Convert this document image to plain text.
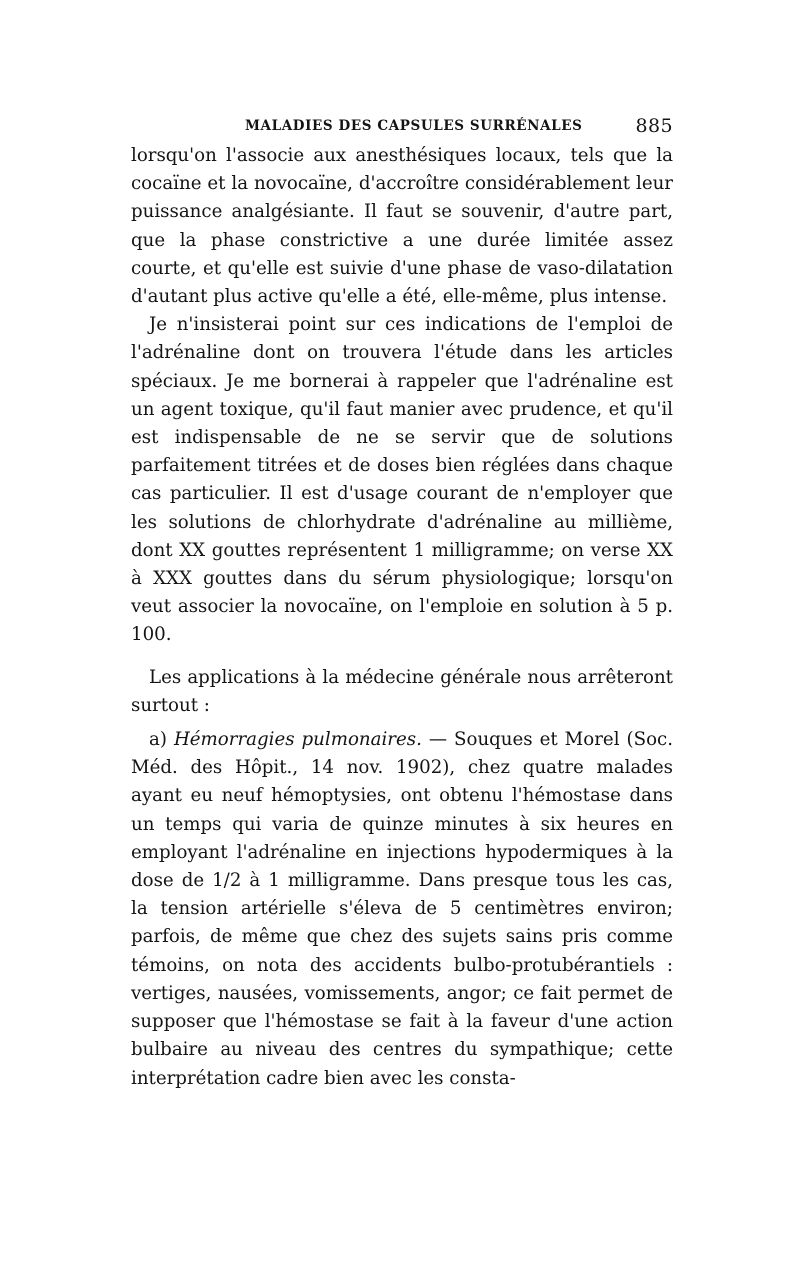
MALADIES DES CAPSULES SURRÉNALES	885

lorsqu'on l'associe aux anesthésiques locaux, tels que la cocaïne et la novocaïne, d'accroître considérablement leur puissance analgésiante. Il faut se souvenir, d'autre part, que la phase constrictive a une durée limitée assez courte, et qu'elle est suivie d'une phase de vaso-dilatation d'autant plus active qu'elle a été, elle-même, plus intense.

Je n'insisterai point sur ces indications de l'emploi de l'adrénaline dont on trouvera l'étude dans les articles spéciaux. Je me bornerai à rappeler que l'adrénaline est un agent toxique, qu'il faut manier avec prudence, et qu'il est indispensable de ne se servir que de solutions parfaitement titrées et de doses bien réglées dans chaque cas particulier. Il est d'usage courant de n'employer que les solutions de chlorhydrate d'adrénaline au millième, dont XX gouttes représentent 1 milligramme; on verse XX à XXX gouttes dans du sérum physiologique; lorsqu'on veut associer la novocaïne, on l'emploie en solution à 5 p. 100.

Les applications à la médecine générale nous arrêteront surtout :

a) Hémorragies pulmonaires. — Souques et Morel (Soc. Méd. des Hôpit., 14 nov. 1902), chez quatre malades ayant eu neuf hémoptysies, ont obtenu l'hémostase dans un temps qui varia de quinze minutes à six heures en employant l'adrénaline en injections hypodermiques à la dose de 1/2 à 1 milligramme. Dans presque tous les cas, la tension artérielle s'éleva de 5 centimètres environ; parfois, de même que chez des sujets sains pris comme témoins, on nota des accidents bulbo-protubérantiels : vertiges, nausées, vomissements, angor; ce fait permet de supposer que l'hémostase se fait à la faveur d'une action bulbaire au niveau des centres du sympathique; cette interprétation cadre bien avec les consta-
